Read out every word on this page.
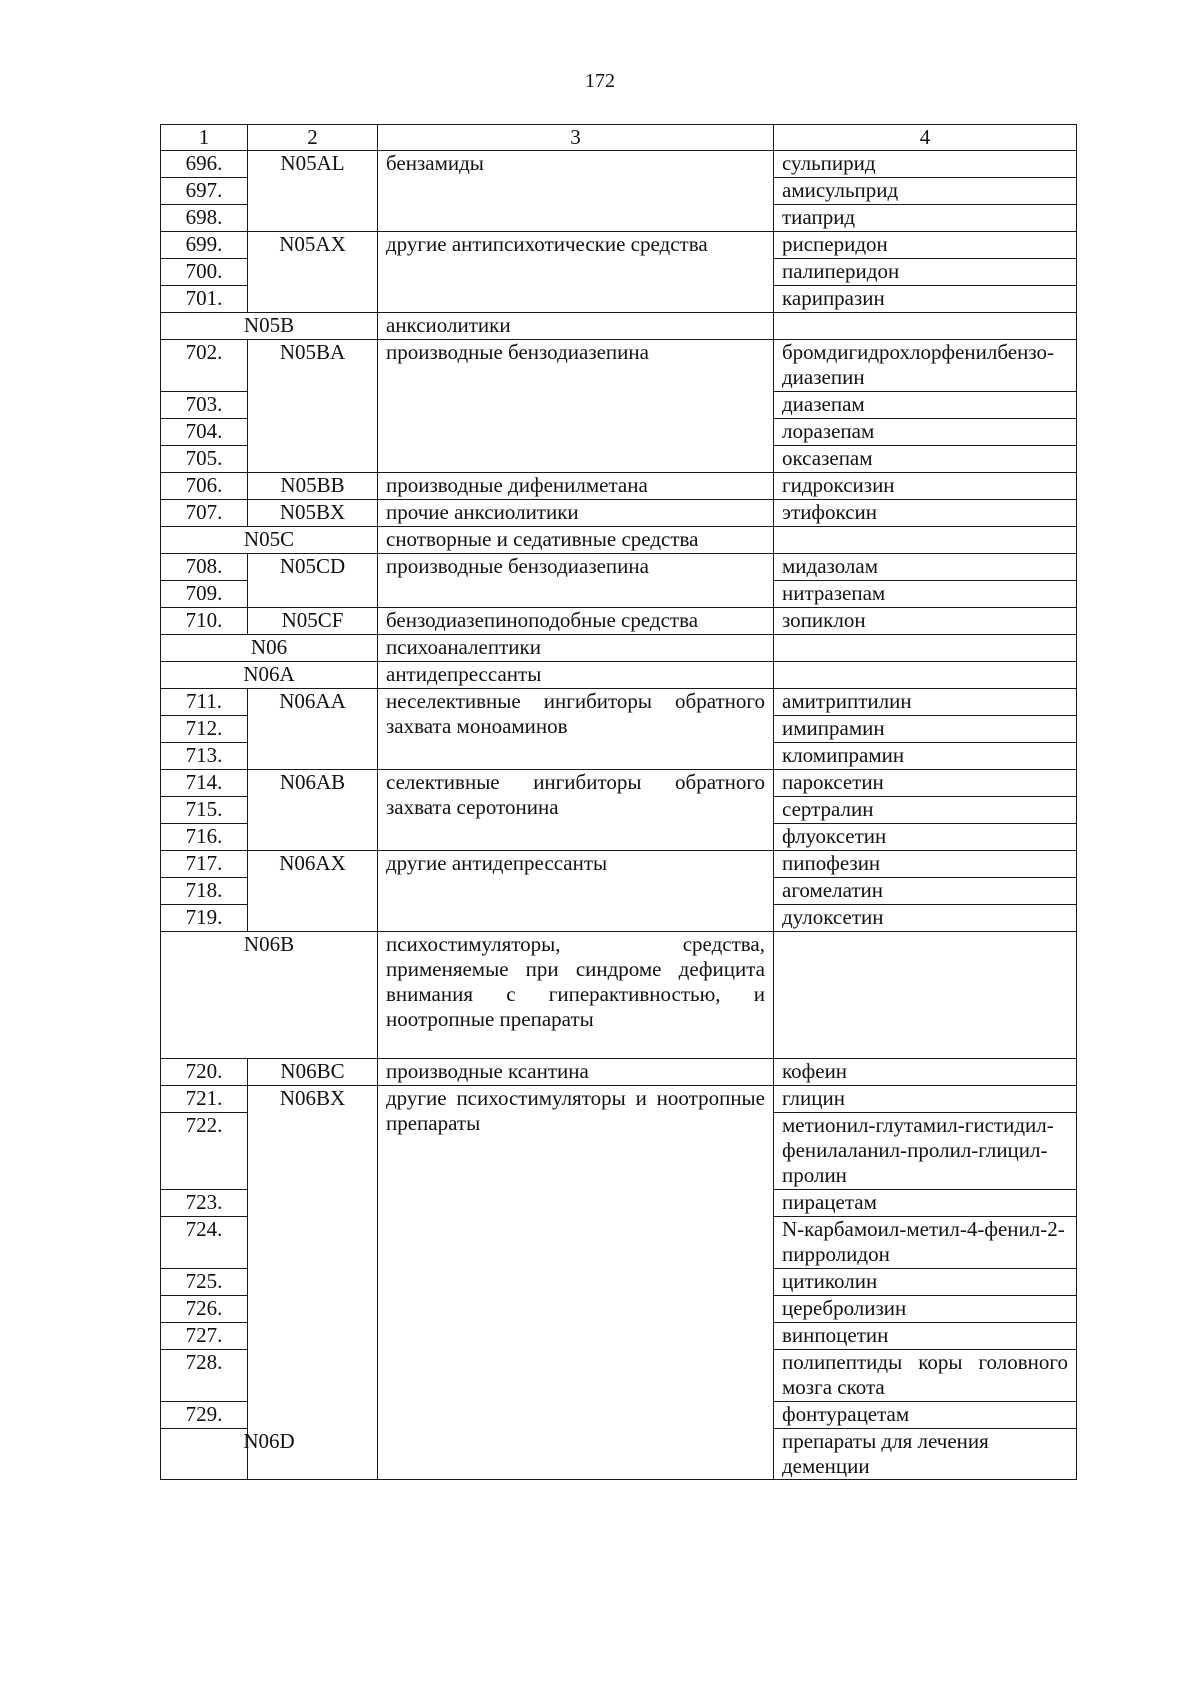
172
1	2	3	4	
696.	N05AL	бензамиды	сульпирид	
697.			амисульприд	
698.			тиаприд	
699.	N05AX	другие антипсихотические средства	рисперидон	
700.			палиперидон	
701.			карипразин	
N05B		анксиолитики		
702.	N05BA	производные бензодиазепина	бромдигидрохлорфенилбензо-диазепин	
703.			диазепам	
704.			лоразепам	
705.			оксазепам	
706.	N05BB	производные дифенилметана	гидроксизин	
707.	N05BX	прочие анксиолитики	этифоксин	
N05C		снотворные и седативные средства		
708.	N05CD	производные бензодиазепина	мидазолам	
709.			нитразепам	
710.	N05CF	бензодиазепиноподобные средства	зопиклон	
N06		психоаналептики		
N06A		антидепрессанты		
711.	N06AA	неселективные ингибиторы обратного захвата моноаминов	амитриптилин	
712.			имипрамин	
713.			кломипрамин	
714.	N06AB	селективные ингибиторы обратного захвата серотонина	пароксетин	
715.			сертралин	
716.			флуоксетин	
717.	N06AX	другие антидепрессанты	пипофезин	
718.			агомелатин	
719.			дулоксетин	
N06B		психостимуляторы, средства, применяемые при синдроме дефицита внимания с гиперактивностью, и ноотропные препараты		
720.	N06BC	производные ксантина	кофеин	
721.	N06BX	другие психостимуляторы и ноотропные препараты	глицин	
722.			метионил-глутамил-гистидил-фенилаланил-пролил-глицил-пролин	
723.			пирацетам	
724.			N-карбамоил-метил-4-фенил-2-пирролидон	
725.			цитиколин	
726.			церебролизин	
727.			винпоцетин	
728.			полипептиды коры головного мозга скота	
729.			фонтурацетам	
N06D			препараты для лечения деменции	
